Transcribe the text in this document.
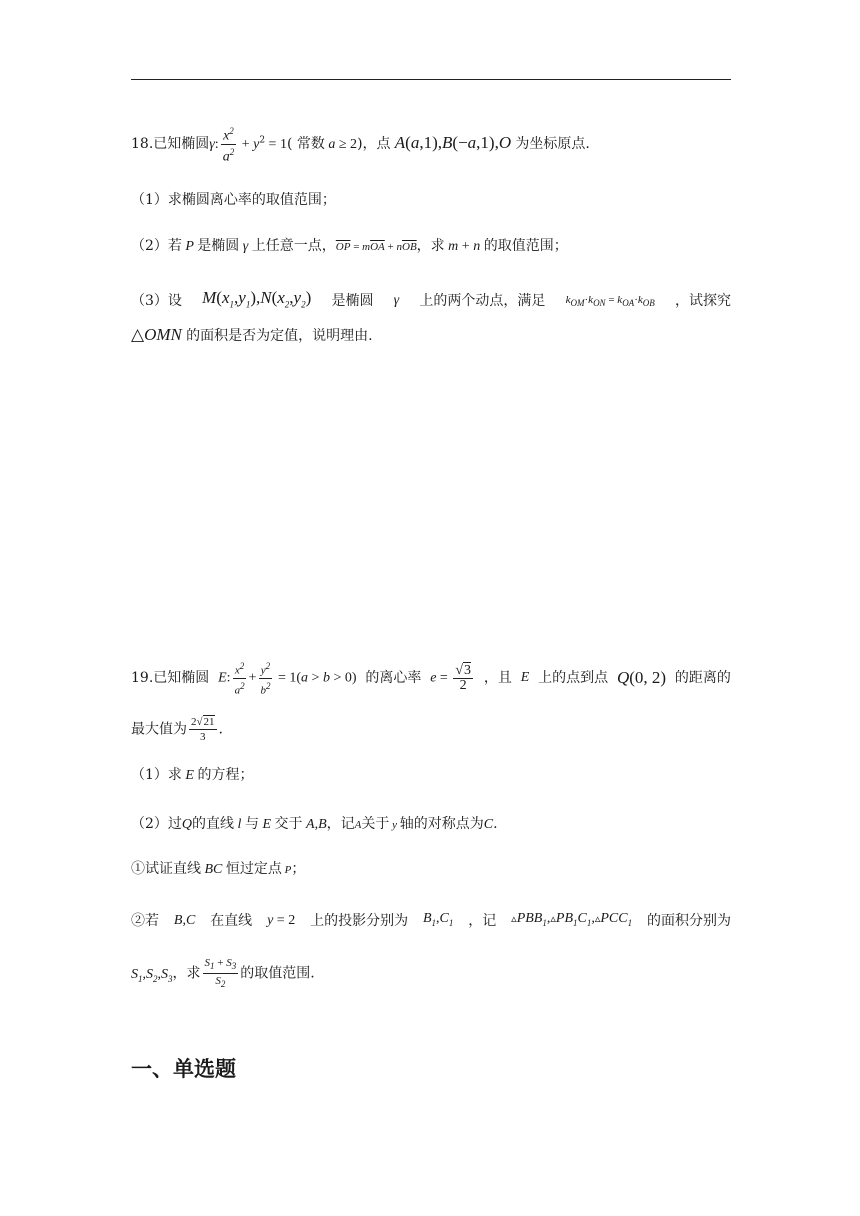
18.已知椭圆γ: $\frac{x^2}{a^2} + y^2 = 1$( 常数 a ≥ 2)，点 A(a,1),B(−a,1),O 为坐标原点.
（1）求椭圆离心率的取值范围；
（2）若 P 是椭圆 γ 上任意一点，$\overline{OP} = m\overline{OA} + n\overline{OB}$，求 m + n 的取值范围；
（3）设 $M(x_1,y_1),N(x_2,y_2)$ 是椭圆 γ 上的两个动点，满足 $k_{OM}\cdot k_{ON} = k_{OA}\cdot k_{OB}$ ，试探究
△OMN 的面积是否为定值，说明理由.
19.已知椭圆 E: $\frac{x^2}{a^2} + \frac{y^2}{b^2} = 1(a > b > 0)$ 的离心率 $e = \frac{√3}{2}$ ，且 E 上的点到点 Q(0, 2) 的距离的
最大值为 $\frac{2√21}{3}$ .
（1）求 E 的方程；
（2）过Q的直线 l 与 E 交于 A,B，记A关于 y 轴的对称点为C.
①试证直线 BC 恒过定点 P；
②若 B,C 在直线 y = 2 上的投影分别为 $B_1,C_1$ ，记 $▵PBB_1,▵PB_1C_1,▵PCC_1$ 的面积分别为
$S_1,S_2,S_3$，求 $\frac{S_1 + S_3}{S_2}$ 的取值范围.
一、单选题
